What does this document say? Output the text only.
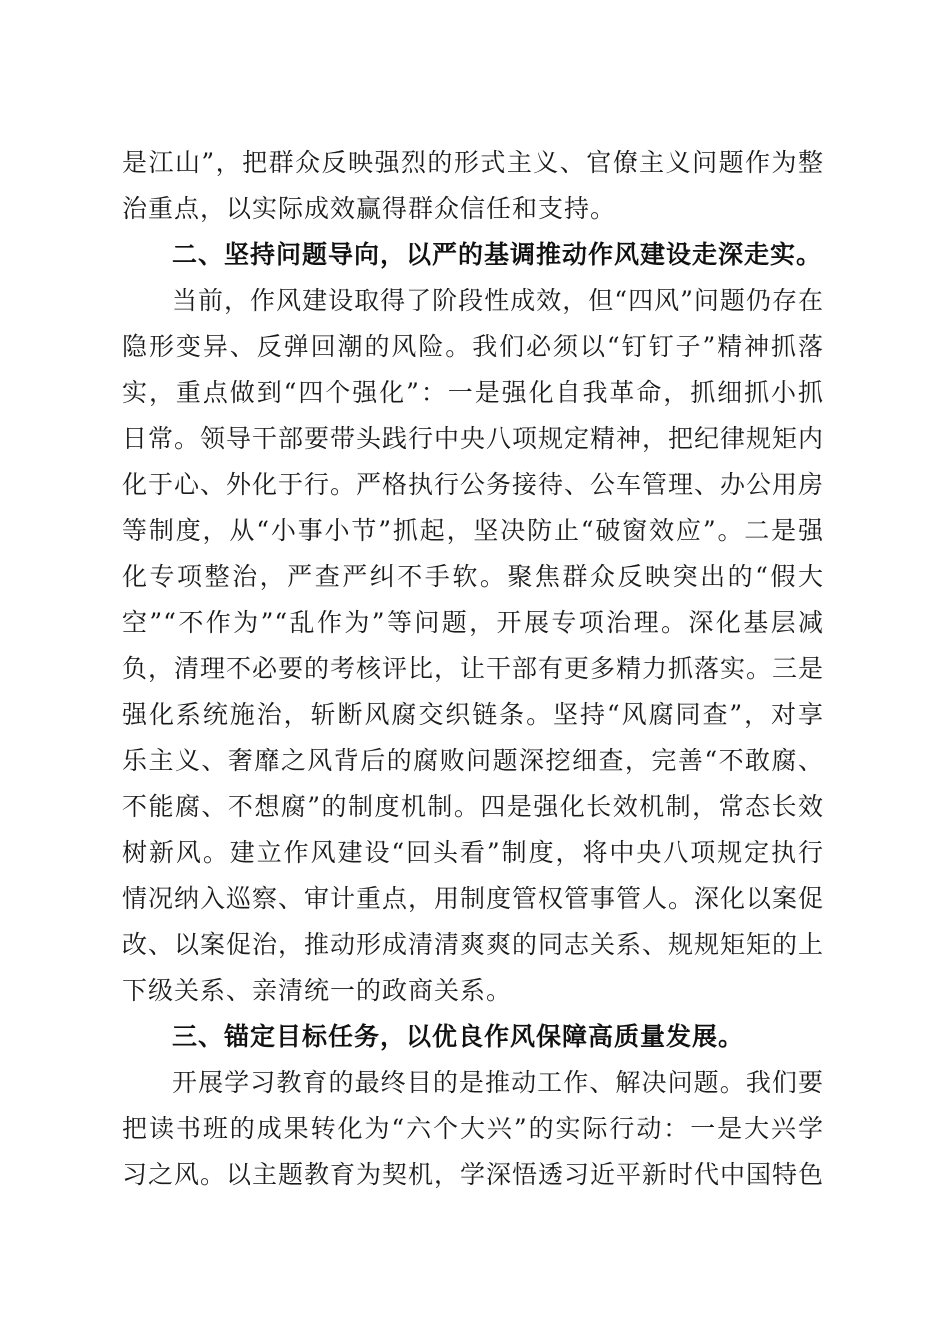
是江山”，把群众反映强烈的形式主义、官僚主义问题作为整治重点，以实际成效赢得群众信任和支持。

二、坚持问题导向，以严的基调推动作风建设走深走实。

当前，作风建设取得了阶段性成效，但“四风”问题仍存在隐形变异、反弹回潮的风险。我们必须以“钉钉子”精神抓落实，重点做到“四个强化”：一是强化自我革命，抓细抓小抓日常。领导干部要带头践行中央八项规定精神，把纪律规矩内化于心、外化于行。严格执行公务接待、公车管理、办公用房等制度，从“小事小节”抓起，坚决防止“破窗效应”。二是强化专项整治，严查严纠不手软。聚焦群众反映突出的“假大空”“不作为”“乱作为”等问题，开展专项治理。深化基层减负，清理不必要的考核评比，让干部有更多精力抓落实。三是强化系统施治，斩断风腐交织链条。坚持“风腐同查”，对享乐主义、奢靡之风背后的腐败问题深挖细查，完善“不敢腐、不能腐、不想腐”的制度机制。四是强化长效机制，常态长效树新风。建立作风建设“回头看”制度，将中央八项规定执行情况纳入巡察、审计重点，用制度管权管事管人。深化以案促改、以案促治，推动形成清清爽爽的同志关系、规规矩矩的上下级关系、亲清统一的政商关系。

三、锚定目标任务，以优良作风保障高质量发展。

开展学习教育的最终目的是推动工作、解决问题。我们要把读书班的成果转化为“六个大兴”的实际行动：一是大兴学习之风。以主题教育为契机，学深悟透习近平新时代中国特色
